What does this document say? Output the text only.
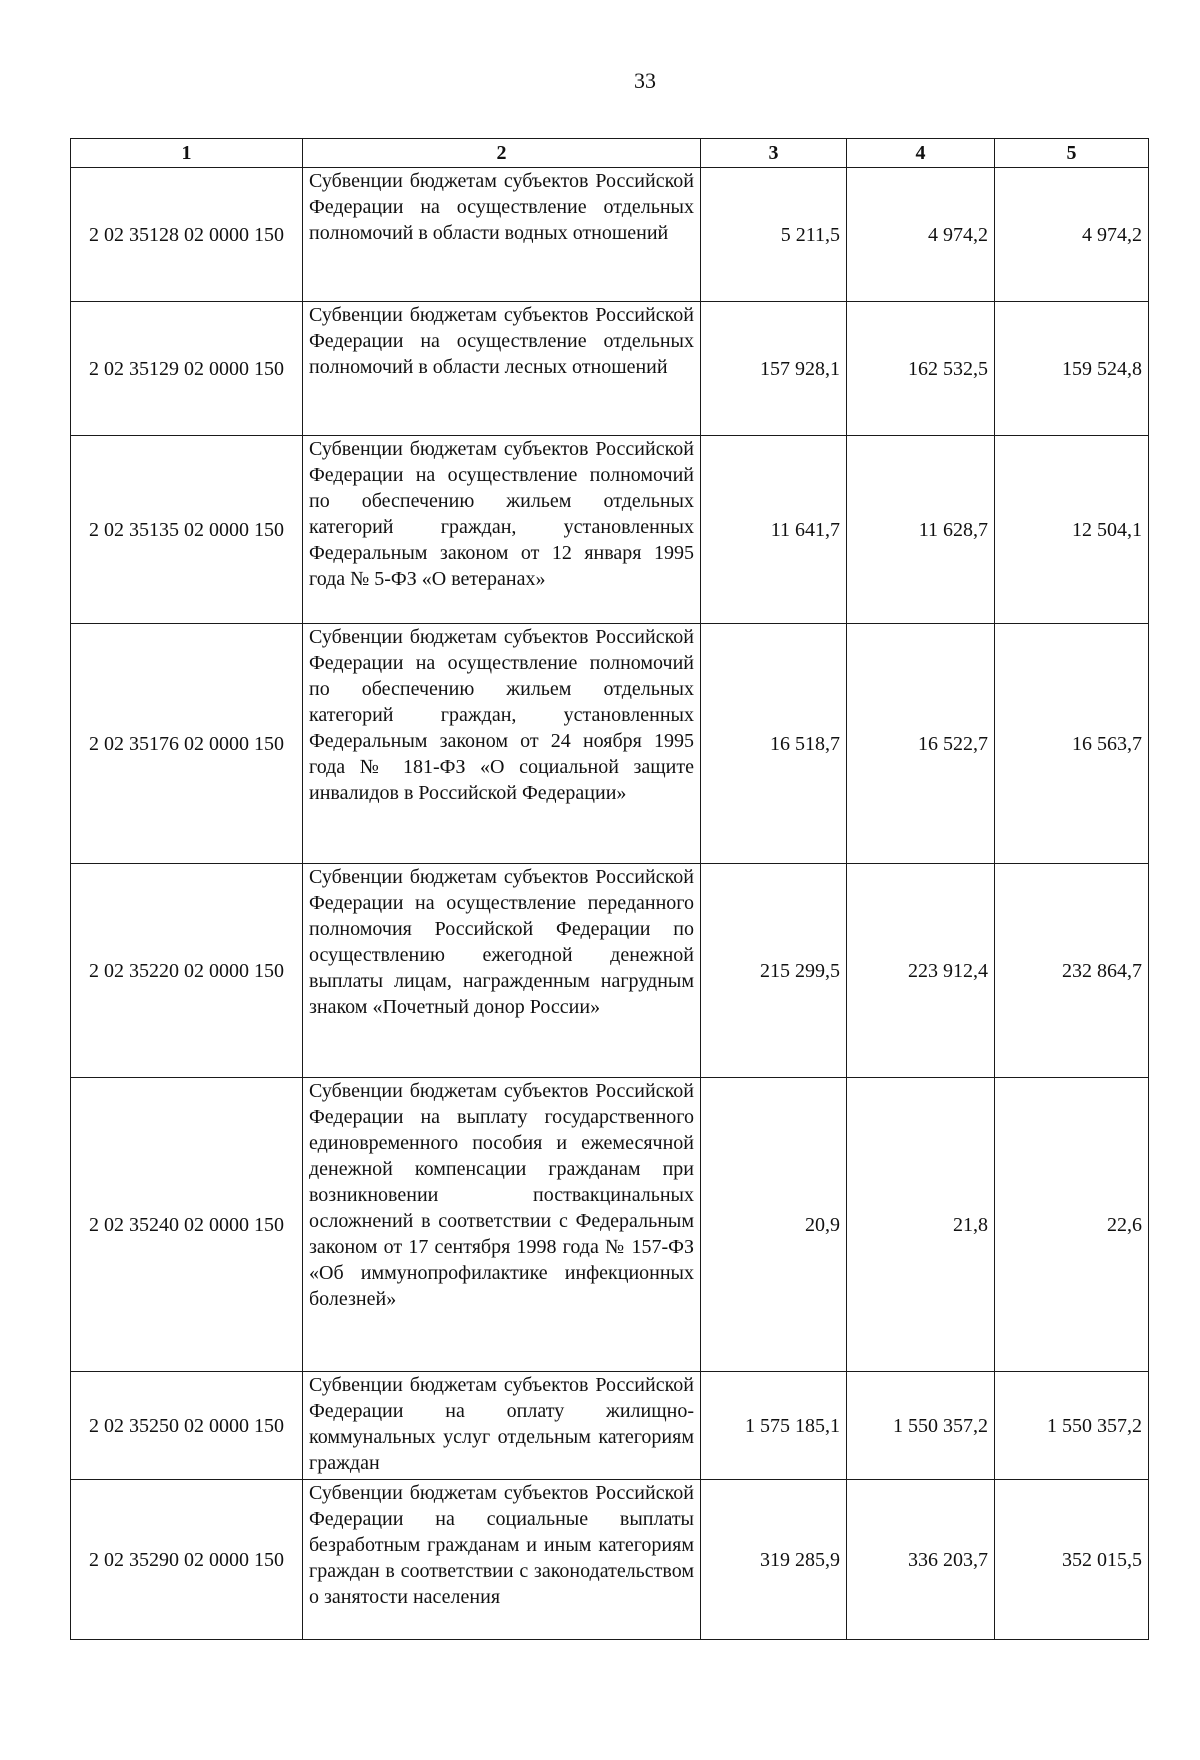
33
1	2	3	4	5
2 02 35128 02 0000 150	Субвенции бюджетам субъектов Российской Федерации на осуществление отдельных полномочий в области водных отношений	5 211,5	4 974,2	4 974,2
2 02 35129 02 0000 150	Субвенции бюджетам субъектов Российской Федерации на осуществление отдельных полномочий в области лесных отношений	157 928,1	162 532,5	159 524,8
2 02 35135 02 0000 150	Субвенции бюджетам субъектов Российской Федерации на осуществление полномочий по обеспечению жильем отдельных категорий граждан, установленных Федеральным законом от 12 января 1995 года № 5-ФЗ «О ветеранах»	11 641,7	11 628,7	12 504,1
2 02 35176 02 0000 150	Субвенции бюджетам субъектов Российской Федерации на осуществление полномочий по обеспечению жильем отдельных категорий граждан, установленных Федеральным законом от 24 ноября 1995 года № 181-ФЗ «О социальной защите инвалидов в Российской Федерации»	16 518,7	16 522,7	16 563,7
2 02 35220 02 0000 150	Субвенции бюджетам субъектов Российской Федерации на осуществление переданного полномочия Российской Федерации по осуществлению ежегодной денежной выплаты лицам, награжденным нагрудным знаком «Почетный донор России»	215 299,5	223 912,4	232 864,7
2 02 35240 02 0000 150	Субвенции бюджетам субъектов Российской Федерации на выплату государственного единовременного пособия и ежемесячной денежной компенсации гражданам при возникновении поствакцинальных осложнений в соответствии с Федеральным законом от 17 сентября 1998 года № 157-ФЗ «Об иммунопрофилактике инфекционных болезней»	20,9	21,8	22,6
2 02 35250 02 0000 150	Субвенции бюджетам субъектов Российской Федерации на оплату жилищно-коммунальных услуг отдельным категориям граждан	1 575 185,1	1 550 357,2	1 550 357,2
2 02 35290 02 0000 150	Субвенции бюджетам субъектов Российской Федерации на социальные выплаты безработным гражданам и иным категориям граждан в соответствии с законодательством о занятости населения	319 285,9	336 203,7	352 015,5
